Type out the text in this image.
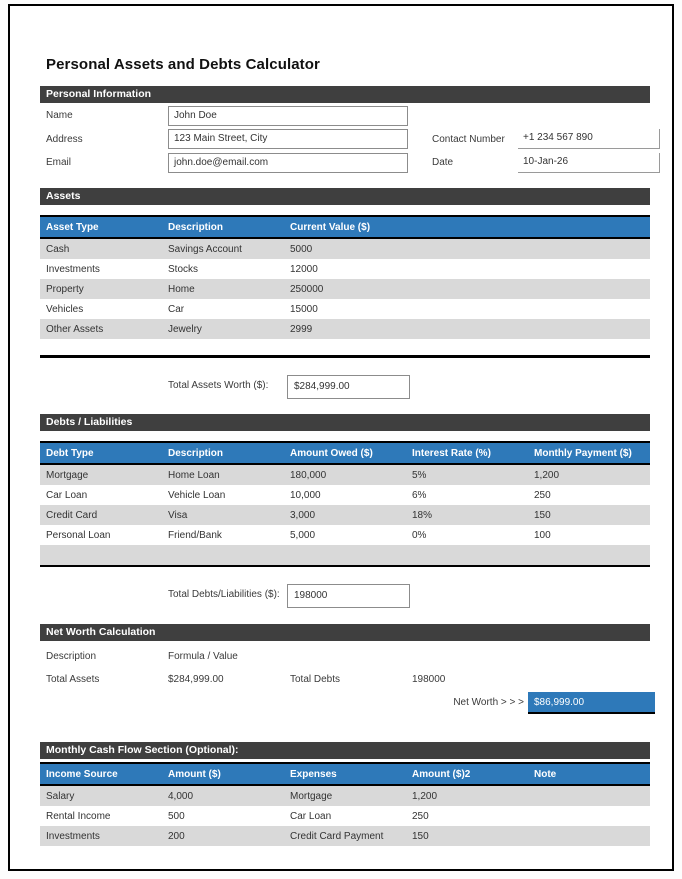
Personal Assets and Debts Calculator
Personal Information
Name	John Doe
Address	123 Main Street, City	Contact Number	+1 234 567 890
Email	john.doe@email.com	Date	10-Jan-26
Assets
Asset Type	Description	Current Value ($)
Cash	Savings Account	5000
Investments	Stocks	12000
Property	Home	250000
Vehicles	Car	15000
Other Assets	Jewelry	2999
Total Assets Worth ($):	$284,999.00
Debts / Liabilities
Debt Type	Description	Amount Owed ($)	Interest Rate (%)	Monthly Payment ($)
Mortgage	Home Loan	180,000	5%	1,200
Car Loan	Vehicle Loan	10,000	6%	250
Credit Card	Visa	3,000	18%	150
Personal Loan	Friend/Bank	5,000	0%	100
Total Debts/Liabilities ($):	198000
Net Worth Calculation
Description	Formula / Value
Total Assets	$284,999.00	Total Debts	198000
Net Worth > > >	$86,999.00
Monthly Cash Flow Section (Optional):
Income Source	Amount ($)	Expenses	Amount ($)2	Note
Salary	4,000	Mortgage	1,200
Rental Income	500	Car Loan	250
Investments	200	Credit Card Payment	150
